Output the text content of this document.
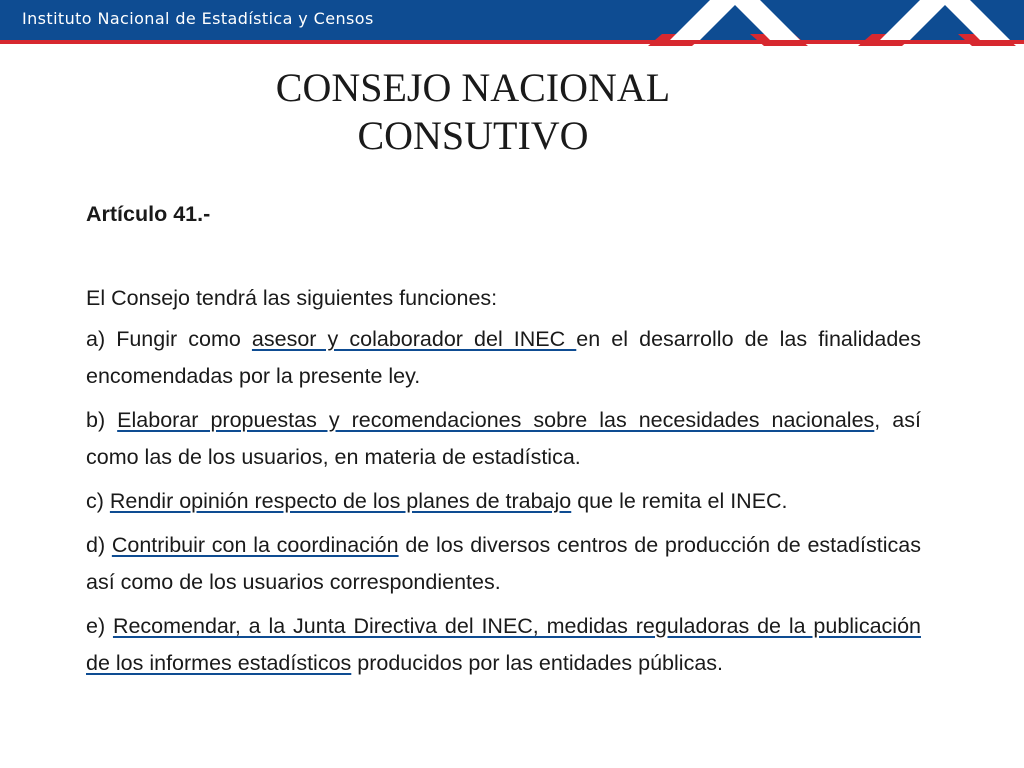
Instituto Nacional de Estadística y Censos
CONSEJO NACIONAL
CONSUTIVO

Artículo 41.-

El Consejo tendrá las siguientes funciones:

a) Fungir como asesor y colaborador del INEC en el desarrollo de las finalidades encomendadas por la presente ley.

b) Elaborar propuestas y recomendaciones sobre las necesidades nacionales, así como las de los usuarios, en materia de estadística.

c) Rendir opinión respecto de los planes de trabajo que le remita el INEC.

d) Contribuir con la coordinación de los diversos centros de producción de estadísticas así como de los usuarios correspondientes.

e) Recomendar, a la Junta Directiva del INEC, medidas reguladoras de la publicación de los informes estadísticos producidos por las entidades públicas.
